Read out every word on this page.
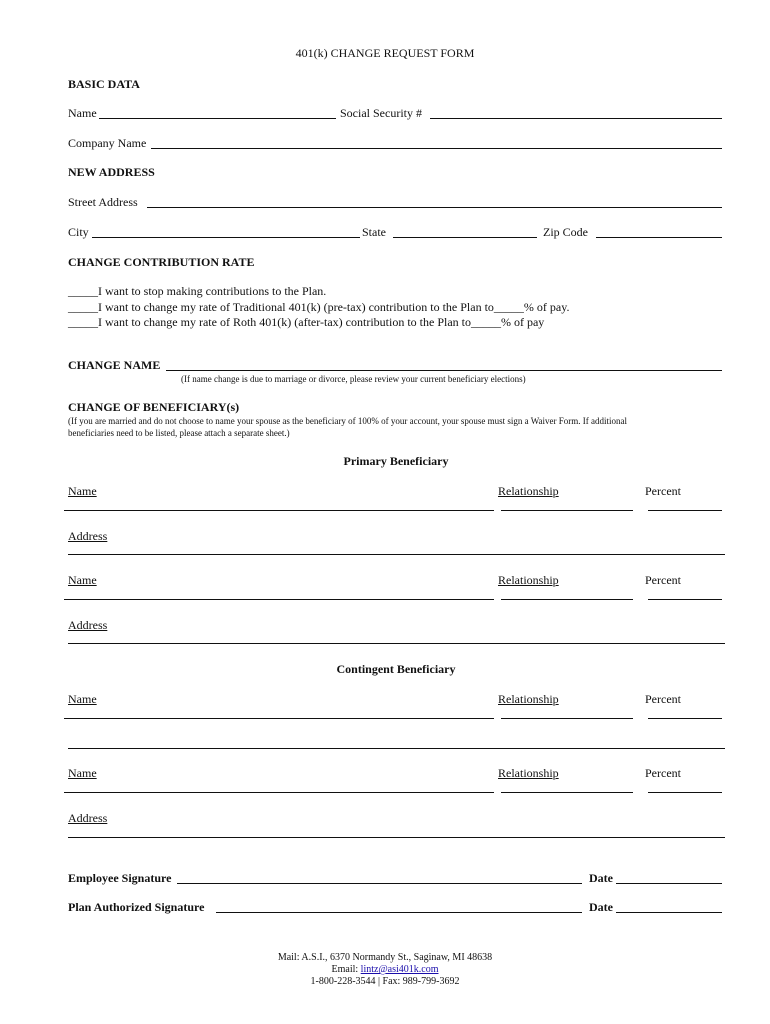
401(k) CHANGE REQUEST FORM
BASIC DATA
Name	Social Security #
Company Name
NEW ADDRESS
Street Address
City	State	Zip Code
CHANGE CONTRIBUTION RATE
_____I want to stop making contributions to the Plan.
_____I want to change my rate of Traditional 401(k) (pre-tax) contribution to the Plan to_____% of pay.
_____I want to change my rate of Roth 401(k) (after-tax) contribution to the Plan to_____% of pay
CHANGE NAME
(If name change is due to marriage or divorce, please review your current beneficiary elections)
CHANGE OF BENEFICIARY(s)
(If you are married and do not choose to name your spouse as the beneficiary of 100% of your account, your spouse must sign a Waiver Form. If additional
beneficiaries need to be listed, please attach a separate sheet.)
Primary Beneficiary
Name	Relationship	Percent
Address
Name	Relationship	Percent
Address
Contingent Beneficiary
Name	Relationship	Percent
Name	Relationship	Percent
Address
Employee Signature	Date
Plan Authorized Signature	Date
Mail: A.S.I., 6370 Normandy St., Saginaw, MI 48638
Email: lintz@asi401k.com
1-800-228-3544 | Fax: 989-799-3692
